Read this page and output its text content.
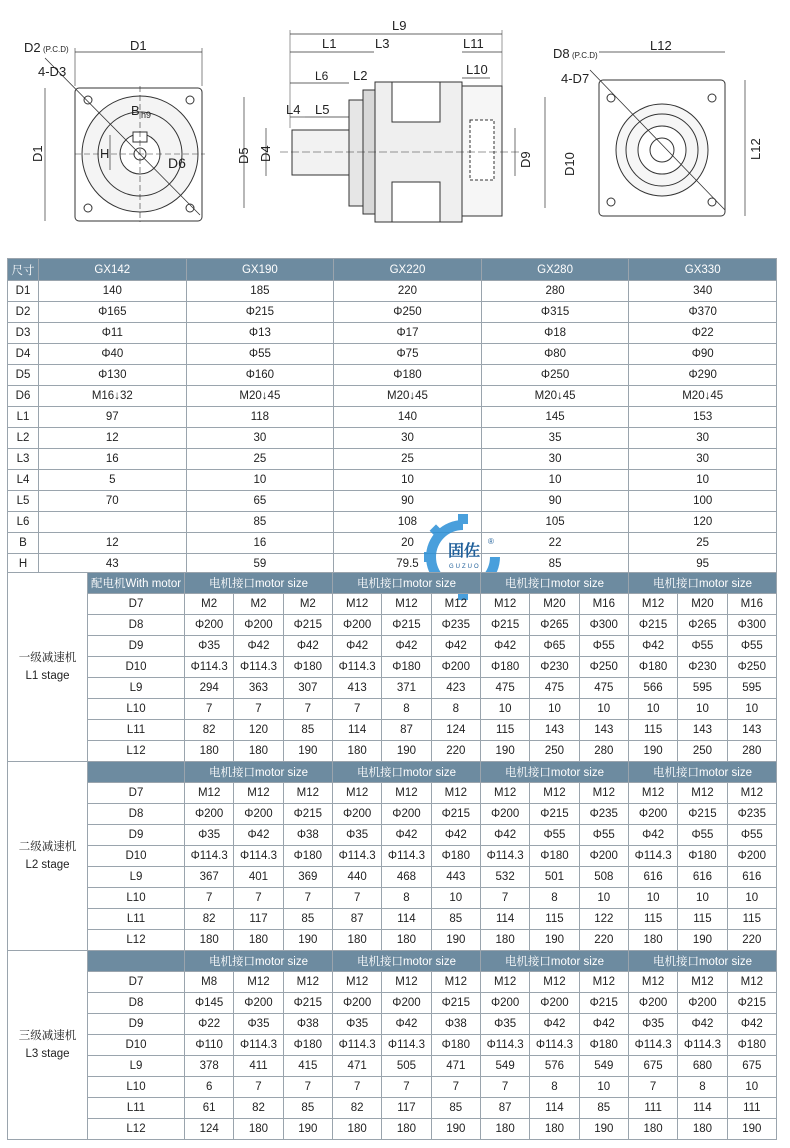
D2 (P.C.D)	D1
4-D3
D1
B h9
H
D6
L9
L1	L3	L11
L6 L2	L10
L4 L5
D5 D4	D9 D10
D8 (P.C.D)
4-D7
L12
L12
尺寸	GX142	GX190	GX220	GX280	GX330
D1	140	185	220	280	340
D2	Φ165	Φ215	Φ250	Φ315	Φ370
D3	Φ11	Φ13	Φ17	Φ18	Φ22
D4	Φ40	Φ55	Φ75	Φ80	Φ90
D5	Φ130	Φ160	Φ180	Φ250	Φ290
D6	M16↓32	M20↓45	M20↓45	M20↓45	M20↓45
L1	97	118	140	145	153
L2	12	30	30	35	30
L3	16	25	25	30	30
L4	5	10	10	10	10
L5	70	65	90	90	100
L6		85	108	105	120
B	12	16	20	22	25
H	43	59	79.5	85	95
固佐
GUZUO
®
一级减速机
L1 stage	配电机With motor	电机接口motor size			电机接口motor size			电机接口motor size			电机接口motor size		
	D7	M2	M2	M2	M12	M12	M12	M12	M20	M16	M12	M20	M16
	D8	Φ200	Φ200	Φ215	Φ200	Φ215	Φ235	Φ215	Φ265	Φ300	Φ215	Φ265	Φ300
	D9	Φ35	Φ42	Φ42	Φ42	Φ42	Φ42	Φ42	Φ65	Φ55	Φ42	Φ55	Φ55
	D10	Φ114.3	Φ114.3	Φ180	Φ114.3	Φ180	Φ200	Φ180	Φ230	Φ250	Φ180	Φ230	Φ250
	L9	294	363	307	413	371	423	475	475	475	566	595	595
	L10	7	7	7	7	8	8	10	10	10	10	10	10
	L11	82	120	85	114	87	124	115	143	143	115	143	143
	L12	180	180	190	180	190	220	190	250	280	190	250	280

二级减速机
L2 stage		电机接口motor size			电机接口motor size			电机接口motor size			电机接口motor size		
	D7	M12	M12	M12	M12	M12	M12	M12	M12	M12	M12	M12	M12
	D8	Φ200	Φ200	Φ215	Φ200	Φ200	Φ215	Φ200	Φ215	Φ235	Φ200	Φ215	Φ235
	D9	Φ35	Φ42	Φ38	Φ35	Φ42	Φ42	Φ42	Φ55	Φ55	Φ42	Φ55	Φ55
	D10	Φ114.3	Φ114.3	Φ180	Φ114.3	Φ114.3	Φ180	Φ114.3	Φ180	Φ200	Φ114.3	Φ180	Φ200
	L9	367	401	369	440	468	443	532	501	508	616	616	616
	L10	7	7	7	7	8	10	7	8	10	10	10	10
	L11	82	117	85	87	114	85	114	115	122	115	115	115
	L12	180	180	190	180	180	190	180	190	220	180	190	220

三级减速机
L3 stage		电机接口motor size			电机接口motor size			电机接口motor size			电机接口motor size		
	D7	M8	M12	M12	M12	M12	M12	M12	M12	M12	M12	M12	M12
	D8	Φ145	Φ200	Φ215	Φ200	Φ200	Φ215	Φ200	Φ200	Φ215	Φ200	Φ200	Φ215
	D9	Φ22	Φ35	Φ38	Φ35	Φ42	Φ38	Φ35	Φ42	Φ42	Φ35	Φ42	Φ42
	D10	Φ110	Φ114.3	Φ180	Φ114.3	Φ114.3	Φ180	Φ114.3	Φ114.3	Φ180	Φ114.3	Φ114.3	Φ180
	L9	378	411	415	471	505	471	549	576	549	675	680	675
	L10	6	7	7	7	7	7	7	8	10	7	8	10
	L11	61	82	85	82	117	85	87	114	85	111	114	111
	L12	124	180	190	180	180	190	180	180	190	180	180	190
